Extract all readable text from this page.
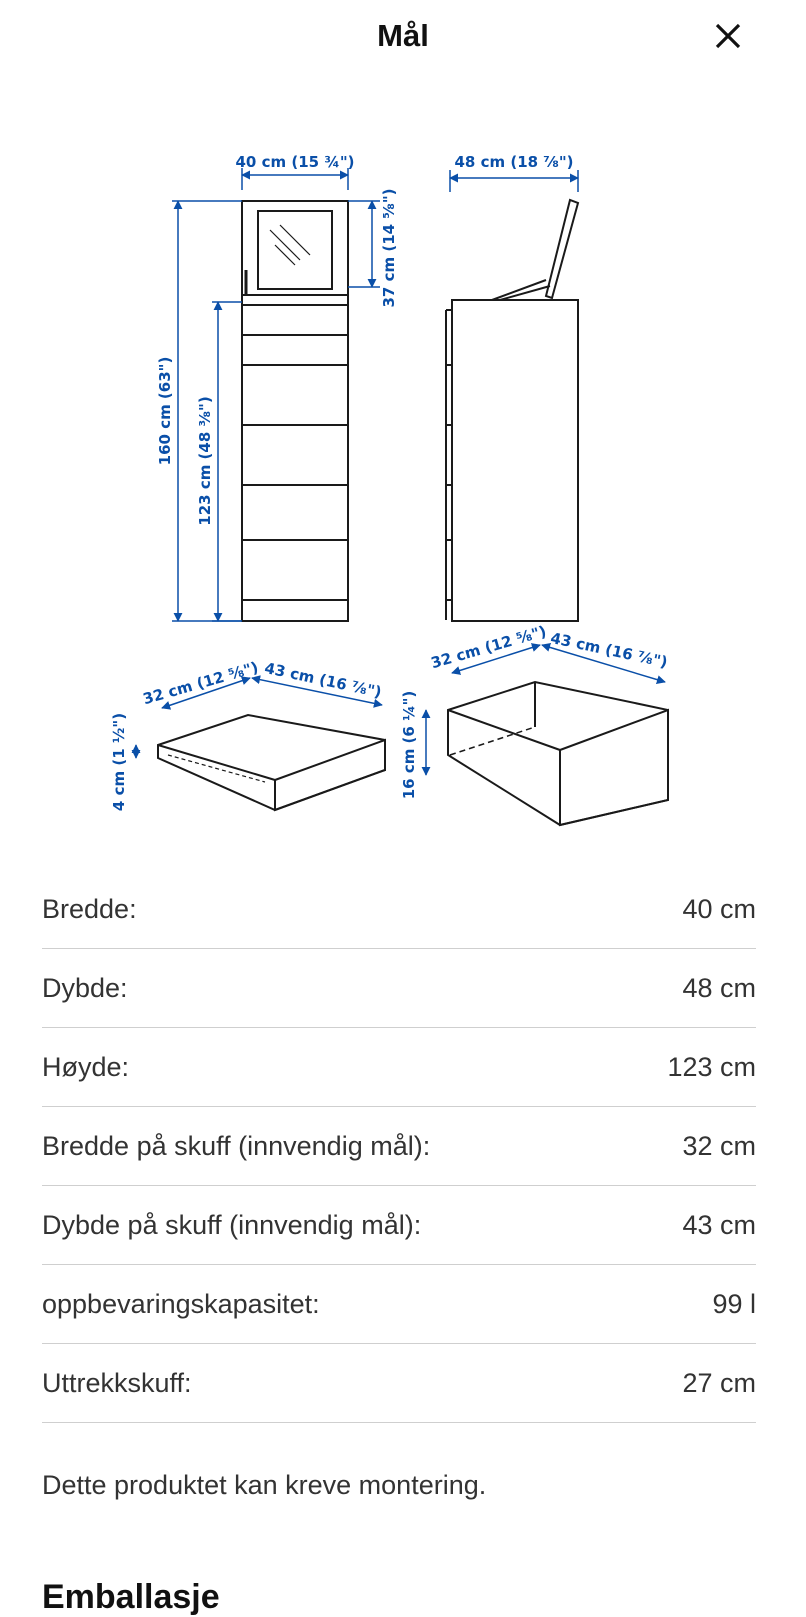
Mål
40 cm (15 ¾")
160 cm (63") 123 cm (48 ⅜")
37 cm (14 ⅝")
48 cm (18 ⅞")
32 cm (12 ⅝") 43 cm (16 ⅞")
4 cm (1 ½")
32 cm (12 ⅝") 43 cm (16 ⅞")
16 cm (6 ¼")
Bredde:	40 cm
Dybde:	48 cm
Høyde:	123 cm
Bredde på skuff (innvendig mål):	32 cm
Dybde på skuff (innvendig mål):	43 cm
oppbevaringskapasitet:	99 l
Uttrekkskuff:	27 cm
Dette produktet kan kreve montering.
Emballasje
